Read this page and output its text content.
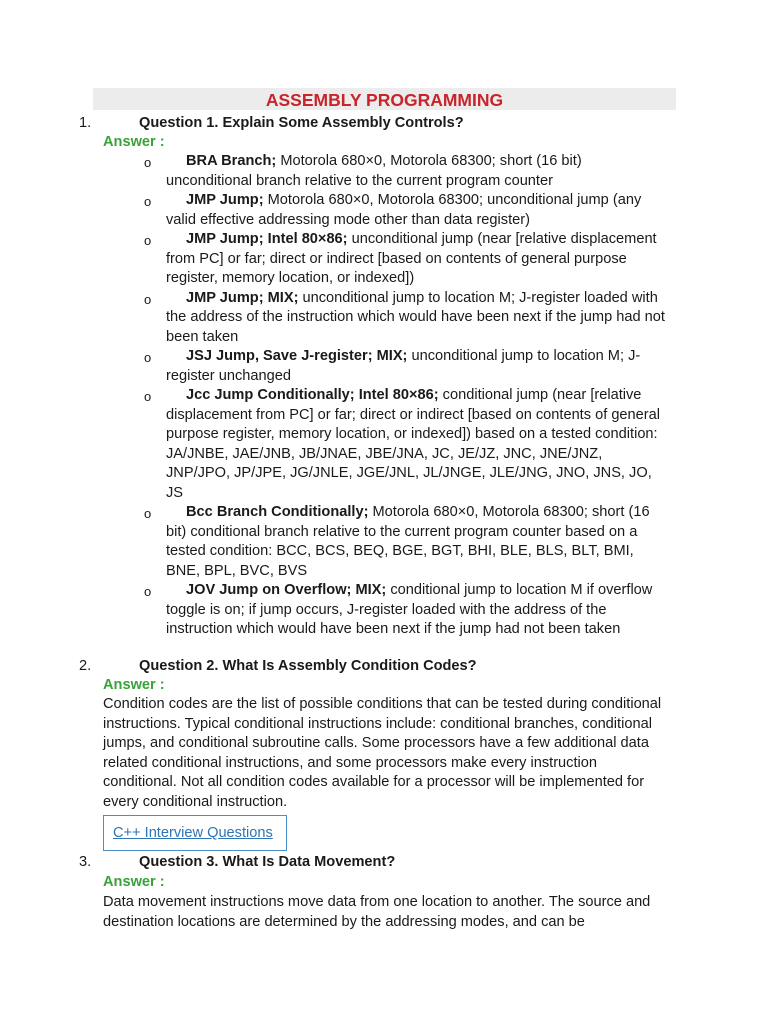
ASSEMBLY PROGRAMMING
1.	Question 1. Explain Some Assembly Controls?
Answer :

o BRA Branch; Motorola 680×0, Motorola 68300; short (16 bit) unconditional branch relative to the current program counter

o JMP Jump; Motorola 680×0, Motorola 68300; unconditional jump (any valid effective addressing mode other than data register)

o JMP Jump; Intel 80×86; unconditional jump (near [relative displacement from PC] or far; direct or indirect [based on contents of general purpose register, memory location, or indexed])

o JMP Jump; MIX; unconditional jump to location M; J-register loaded with the address of the instruction which would have been next if the jump had not been taken

o JSJ Jump, Save J-register; MIX; unconditional jump to location M; J-register unchanged

o Jcc Jump Conditionally; Intel 80×86; conditional jump (near [relative displacement from PC] or far; direct or indirect [based on contents of general purpose register, memory location, or indexed]) based on a tested condition: JA/JNBE, JAE/JNB, JB/JNAE, JBE/JNA, JC, JE/JZ, JNC, JNE/JNZ, JNP/JPO, JP/JPE, JG/JNLE, JGE/JNL, JL/JNGE, JLE/JNG, JNO, JNS, JO, JS

o Bcc Branch Conditionally; Motorola 680×0, Motorola 68300; short (16 bit) conditional branch relative to the current program counter based on a tested condition: BCC, BCS, BEQ, BGE, BGT, BHI, BLE, BLS, BLT, BMI, BNE, BPL, BVC, BVS

o JOV Jump on Overflow; MIX; conditional jump to location M if overflow toggle is on; if jump occurs, J-register loaded with the address of the instruction which would have been next if the jump had not been taken

2.	Question 2. What Is Assembly Condition Codes?
Answer :
Condition codes are the list of possible conditions that can be tested during conditional instructions. Typical conditional instructions include: conditional branches, conditional jumps, and conditional subroutine calls. Some processors have a few additional data related conditional instructions, and some processors make every instruction conditional. Not all condition codes available for a processor will be implemented for every conditional instruction.
C++ Interview Questions
3.	Question 3. What Is Data Movement?
Answer :
Data movement instructions move data from one location to another. The source and destination locations are determined by the addressing modes, and can be
